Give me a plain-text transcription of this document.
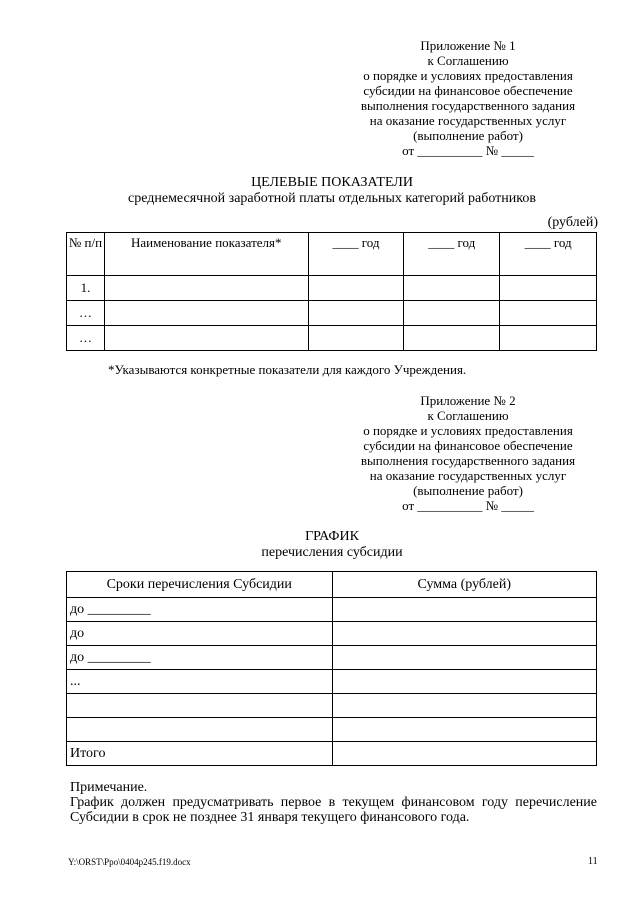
Приложение № 1
к Соглашению
о порядке и условиях предоставления
субсидии на финансовое обеспечение
выполнения государственного задания
на оказание государственных услуг
(выполнение работ)
от __________ № _____
ЦЕЛЕВЫЕ ПОКАЗАТЕЛИ
среднемесячной заработной платы отдельных категорий работников
(рублей)
№ п/п	Наименование показателя*	____ год	____ год	____ год
1.				
…				
…				
*Указываются конкретные показатели для каждого Учреждения.
Приложение № 2
к Соглашению
о порядке и условиях предоставления
субсидии на финансовое обеспечение
выполнения государственного задания
на оказание государственных услуг
(выполнение работ)
от __________ № _____
ГРАФИК
перечисления субсидии
Сроки перечисления Субсидии	Сумма (рублей)
до _________	
до	
до _________	
...	

Итого	
Примечание.
График должен предусматривать первое в текущем финансовом году перечисление Субсидии в срок не позднее 31 января текущего финансового года.
Y:\ORST\Ppo\0404p245.f19.docx	11
